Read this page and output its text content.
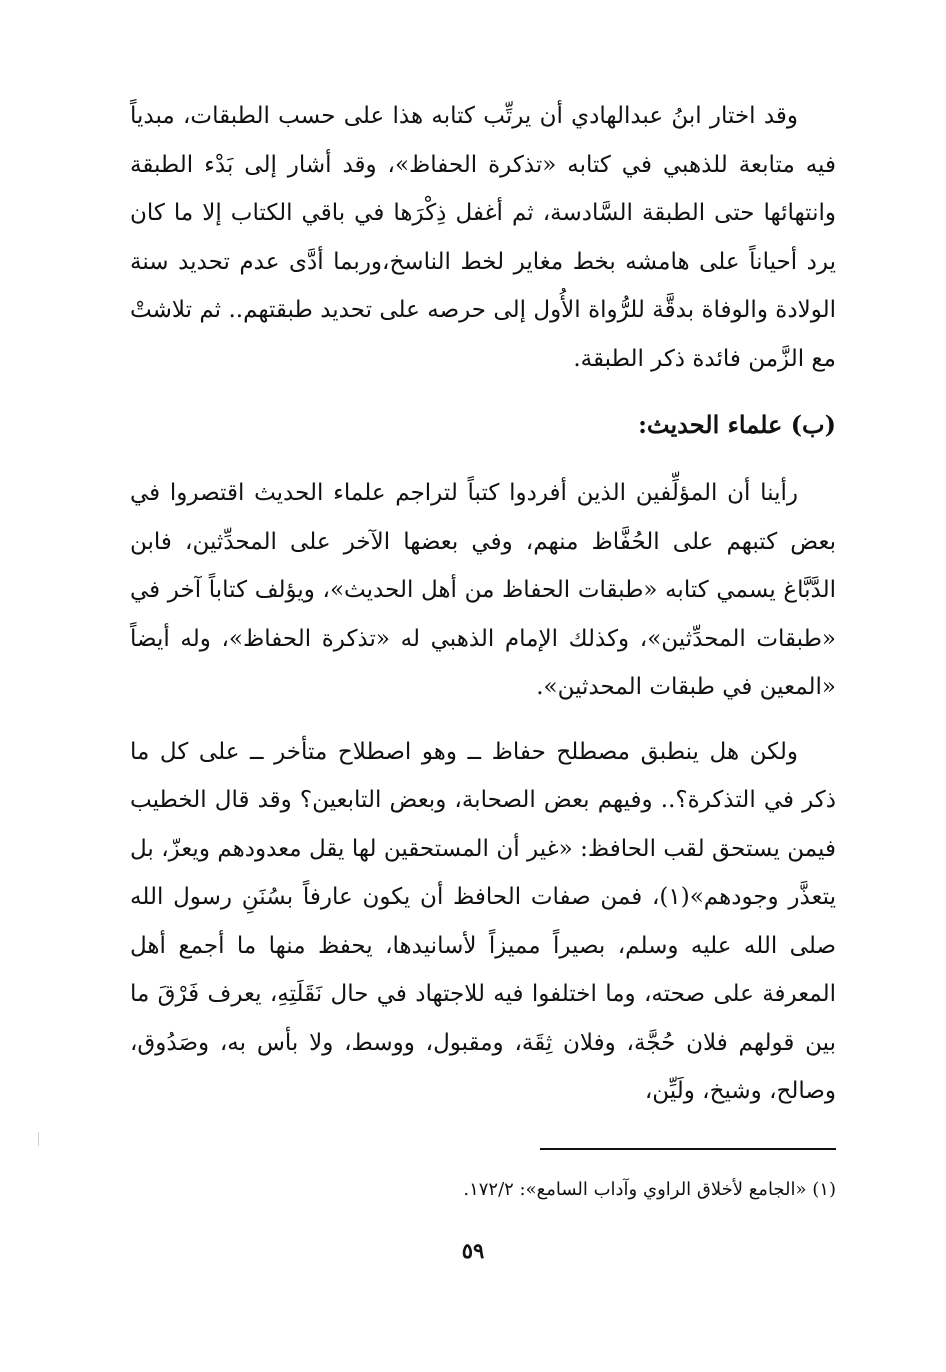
وقد اختار ابنُ عبدالهادي أن يرتِّب كتابه هذا على حسب الطبقات، مبدياً فيه متابعة للذهبي في كتابه «تذكرة الحفاظ»، وقد أشار إلى بَدْء الطبقة وانتهائها حتى الطبقة السَّادسة، ثم أغفل ذِكْرَها في باقي الكتاب إلا ما كان يرد أحياناً على هامشه بخط مغاير لخط الناسخ،وربما أدَّى عدم تحديد سنة الولادة والوفاة بدقَّة للرُّواة الأُول إلى حرصه على تحديد طبقتهم.. ثم تلاشتْ مع الزَّمن فائدة ذكر الطبقة.

(ب) علماء الحديث:

رأينا أن المؤلِّفين الذين أفردوا كتباً لتراجم علماء الحديث اقتصروا في بعض كتبهم على الحُفَّاظ منهم، وفي بعضها الآخر على المحدِّثين، فابن الدَّبَّاغ يسمي كتابه «طبقات الحفاظ من أهل الحديث»، ويؤلف كتاباً آخر في «طبقات المحدِّثين»، وكذلك الإمام الذهبي له «تذكرة الحفاظ»، وله أيضاً «المعين في طبقات المحدثين».

ولكن هل ينطبق مصطلح حفاظ ــ وهو اصطلاح متأخر ــ على كل ما ذكر في التذكرة؟.. وفيهم بعض الصحابة، وبعض التابعين؟ وقد قال الخطيب فيمن يستحق لقب الحافظ: «غير أن المستحقين لها يقل معدودهم ويعزّ، بل يتعذَّر وجودهم»(١)، فمن صفات الحافظ أن يكون عارفاً بسُنَنِ رسول الله صلى الله عليه وسلم، بصيراً مميزاً لأسانيدها، يحفظ منها ما أجمع أهل المعرفة على صحته، وما اختلفوا فيه للاجتهاد في حال نَقَلَتِهِ، يعرف فَرْقَ ما بين قولهم فلان حُجَّة، وفلان ثِقَة، ومقبول، ووسط، ولا بأس به، وصَدُوق، وصالح، وشيخ، ولَيِّن،

(١) «الجامع لأخلاق الراوي وآداب السامع»: ١٧٢/٢.
٥٩
